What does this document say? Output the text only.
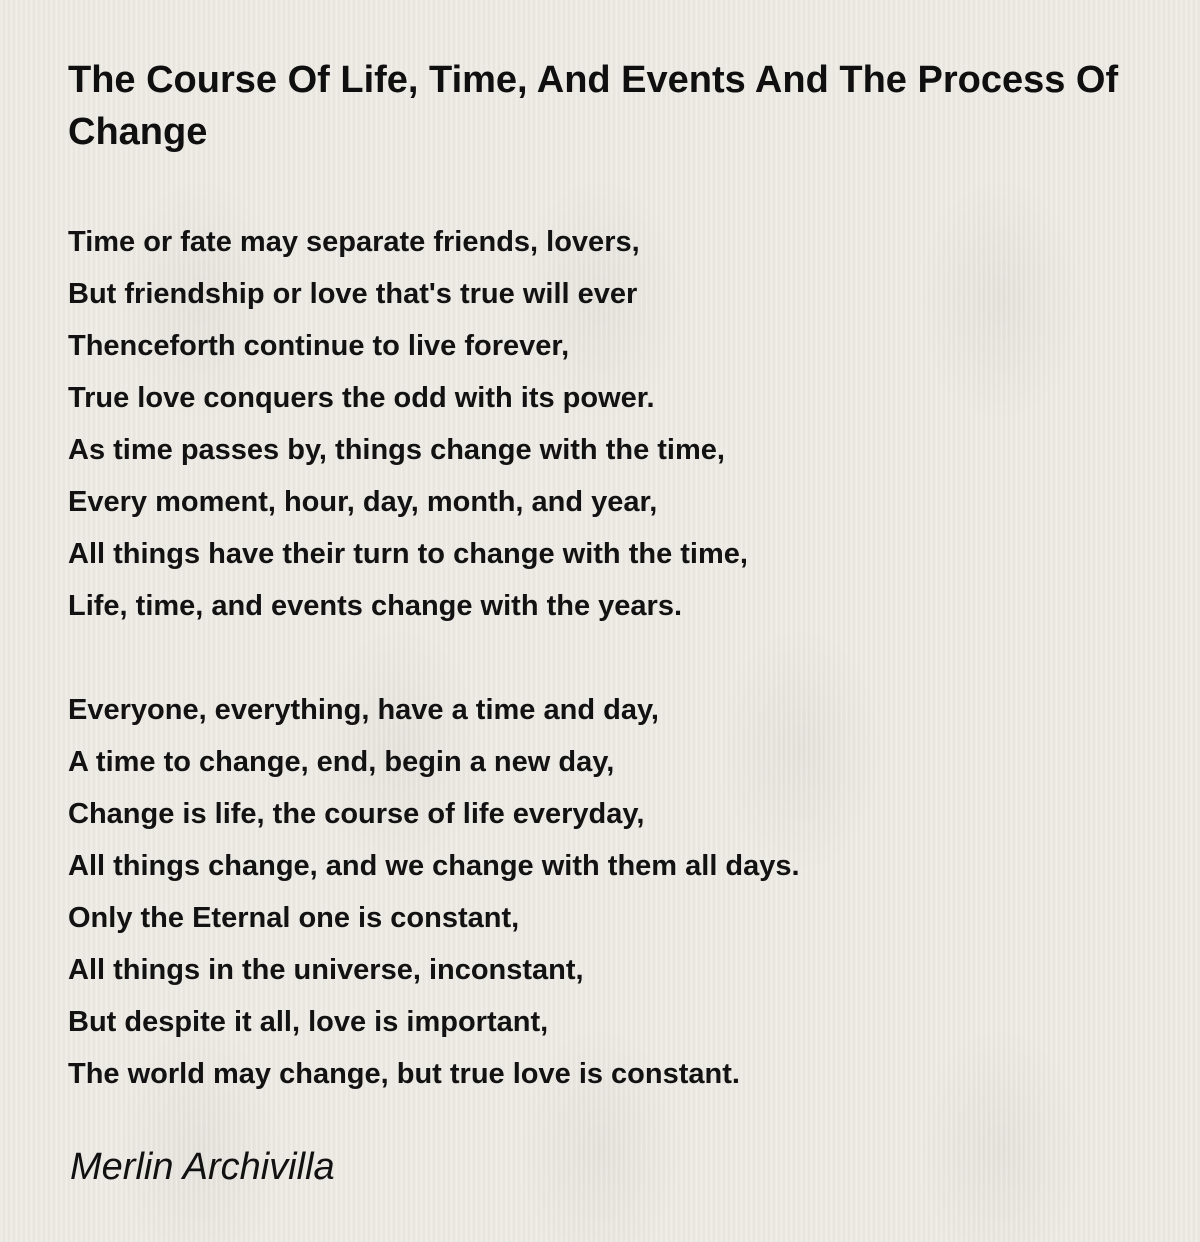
The Course Of Life, Time, And Events And The Process Of Change

Time or fate may separate friends, lovers,
But friendship or love that's true will ever
Thenceforth continue to live forever,
True love conquers the odd with its power.
As time passes by, things change with the time,
Every moment, hour, day, month, and year,
All things have their turn to change with the time,
Life, time, and events change with the years.

Everyone, everything, have a time and day,
A time to change, end, begin a new day,
Change is life, the course of life everyday,
All things change, and we change with them all days.
Only the Eternal one is constant,
All things in the universe, inconstant,
But despite it all, love is important,
The world may change, but true love is constant.

Merlin Archivilla
